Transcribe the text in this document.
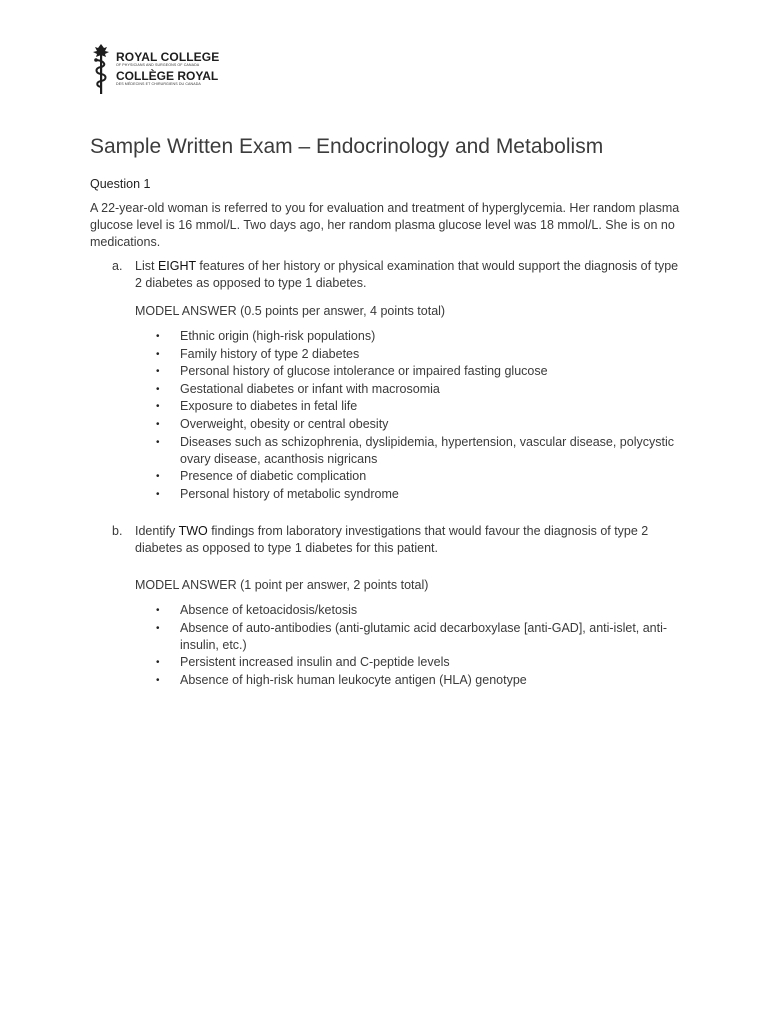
ROYAL COLLEGE
OF PHYSICIANS AND SURGEONS OF CANADA
COLLÈGE ROYAL
DES MÉDECINS ET CHIRURGIENS DU CANADA
Sample Written Exam – Endocrinology and Metabolism
Question 1

A 22-year-old woman is referred to you for evaluation and treatment of hyperglycemia. Her random plasma glucose level is 16 mmol/L. Two days ago, her random plasma glucose level was 18 mmol/L. She is on no medications.

a.	List EIGHT features of her history or physical examination that would support the diagnosis of type 2 diabetes as opposed to type 1 diabetes.
MODEL ANSWER (0.5 points per answer, 4 points total)
•	Ethnic origin (high-risk populations)
•	Family history of type 2 diabetes
•	Personal history of glucose intolerance or impaired fasting glucose
•	Gestational diabetes or infant with macrosomia
•	Exposure to diabetes in fetal life
•	Overweight, obesity or central obesity
•	Diseases such as schizophrenia, dyslipidemia, hypertension, vascular disease, polycystic ovary disease, acanthosis nigricans
•	Presence of diabetic complication
•	Personal history of metabolic syndrome
b.	Identify TWO findings from laboratory investigations that would favour the diagnosis of type 2 diabetes as opposed to type 1 diabetes for this patient.
MODEL ANSWER (1 point per answer, 2 points total)
•	Absence of ketoacidosis/ketosis
•	Absence of auto-antibodies (anti-glutamic acid decarboxylase [anti-GAD], anti-islet, anti-insulin, etc.)
•	Persistent increased insulin and C-peptide levels
•	Absence of high-risk human leukocyte antigen (HLA) genotype
